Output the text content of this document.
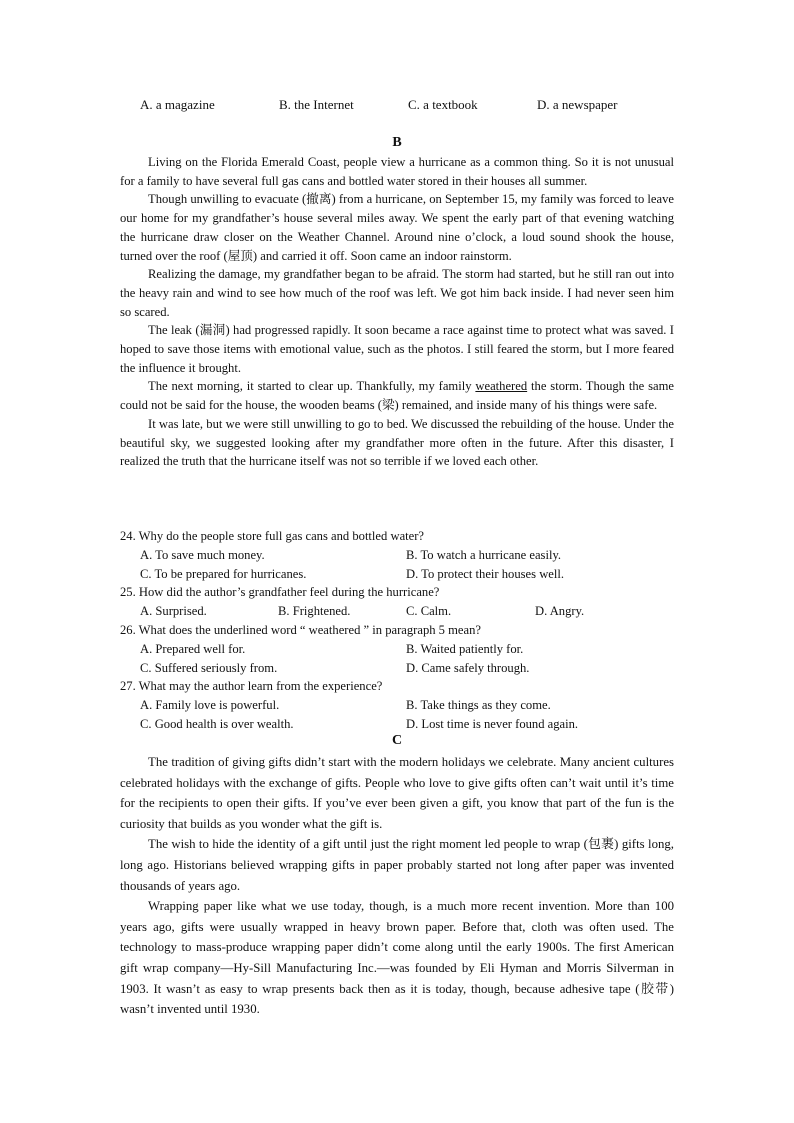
A. a magazine	B. the Internet	C. a textbook	D. a newspaper
B

Living on the Florida Emerald Coast, people view a hurricane as a common thing. So it is not unusual for a family to have several full gas cans and bottled water stored in their houses all summer.

Though unwilling to evacuate (撤离) from a hurricane, on September 15, my family was forced to leave our home for my grandfather’s house several miles away. We spent the early part of that evening watching the hurricane draw closer on the Weather Channel. Around nine o’clock, a loud sound shook the house, turned over the roof (屋顶) and carried it off. Soon came an indoor rainstorm.

Realizing the damage, my grandfather began to be afraid. The storm had started, but he still ran out into the heavy rain and wind to see how much of the roof was left. We got him back inside. I had never seen him so scared.

The leak (漏洞) had progressed rapidly. It soon became a race against time to protect what was saved. I hoped to save those items with emotional value, such as the photos. I still feared the storm, but I more feared the influence it brought.

The next morning, it started to clear up. Thankfully, my family weathered the storm. Though the same could not be said for the house, the wooden beams (梁) remained, and inside many of his things were safe.

It was late, but we were still unwilling to go to bed. We discussed the rebuilding of the house. Under the beautiful sky, we suggested looking after my grandfather more often in the future. After this disaster, I realized the truth that the hurricane itself was not so terrible if we loved each other.

24. Why do the people store full gas cans and bottled water?
A. To save much money.	B. To watch a hurricane easily.
C. To be prepared for hurricanes.	D. To protect their houses well.
25. How did the author’s grandfather feel during the hurricane?
A. Surprised.	B. Frightened.	C. Calm.	D. Angry.
26. What does the underlined word “ weathered ” in paragraph 5 mean?
A. Prepared well for.	B. Waited patiently for.
C. Suffered seriously from.	D. Came safely through.
27. What may the author learn from the experience?
A. Family love is powerful.	B. Take things as they come.
C. Good health is over wealth.	D. Lost time is never found again.
C

The tradition of giving gifts didn’t start with the modern holidays we celebrate. Many ancient cultures celebrated holidays with the exchange of gifts. People who love to give gifts often can’t wait until it’s time for the recipients to open their gifts. If you’ve ever been given a gift, you know that part of the fun is the curiosity that builds as you wonder what the gift is.

The wish to hide the identity of a gift until just the right moment led people to wrap (包裹) gifts long, long ago. Historians believed wrapping gifts in paper probably started not long after paper was invented thousands of years ago.

Wrapping paper like what we use today, though, is a much more recent invention. More than 100 years ago, gifts were usually wrapped in heavy brown paper. Before that, cloth was often used. The technology to mass-produce wrapping paper didn’t come along until the early 1900s. The first American gift wrap company—Hy-Sill Manufacturing Inc.—was founded by Eli Hyman and Morris Silverman in 1903. It wasn’t as easy to wrap presents back then as it is today, though, because adhesive tape (胶带) wasn’t invented until 1930.
